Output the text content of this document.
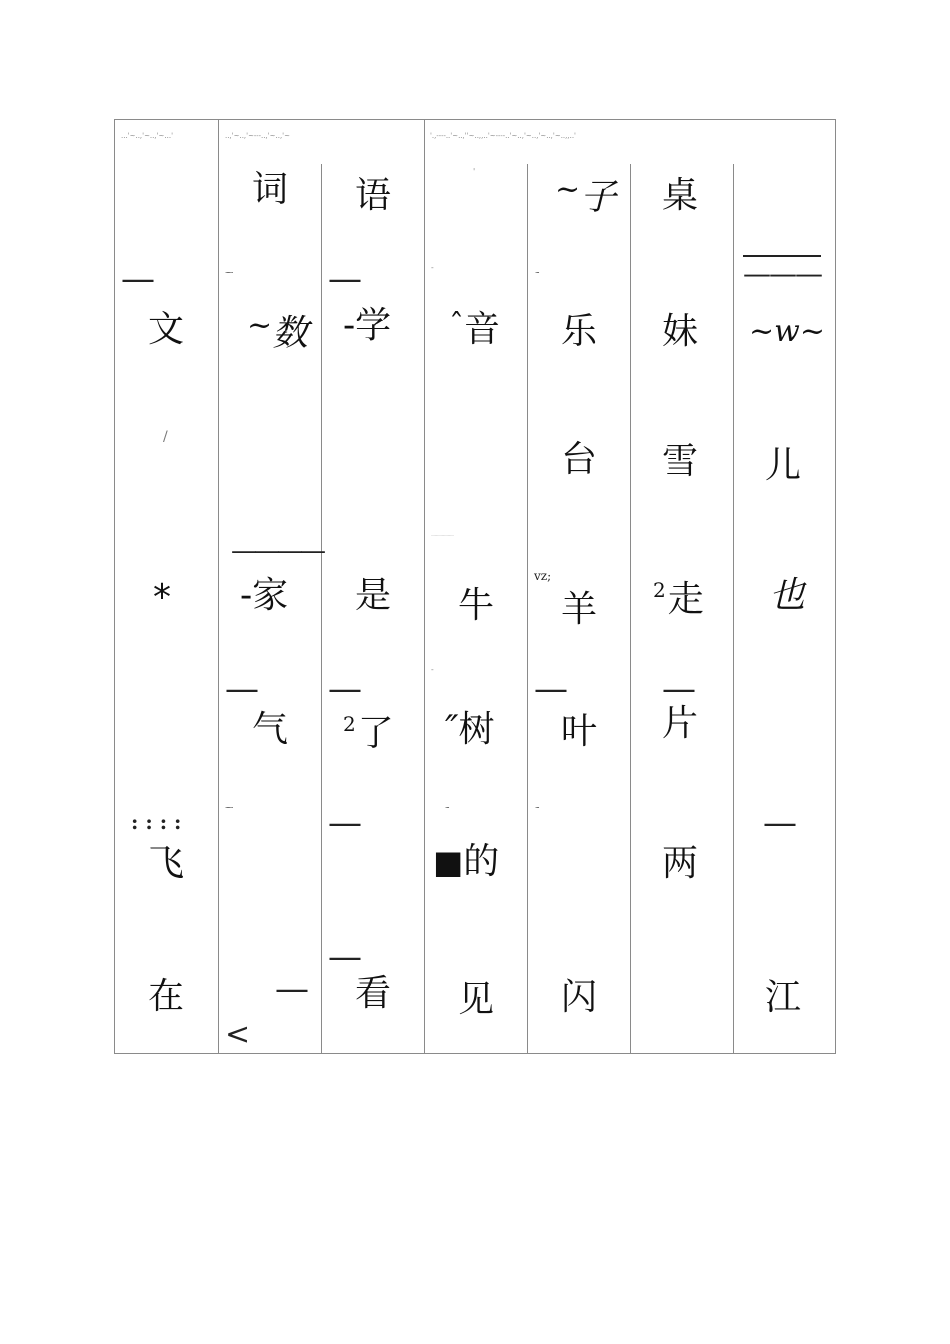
...'~..,'~..,'~...'	..,'~..,'~---..,'~..,'~	'.,----..'~..,''~..,,..'~----..'~..,'~..,'~..,'~..,,..'
—
文
/
*
: : : :
飞
在
词
......
~数
————
-家
—
气
......
—
<
语
—
-学
是
—
$^2$了
—
—
看
'
-
ˆ音
..........................
牛
-
″树
...
■的
见
~子
...
乐
台
vz;
羊
—
叶
...
闪
桌
妹
雪
$^2$走
—
片
两
———
~w~
儿
也
—
江
